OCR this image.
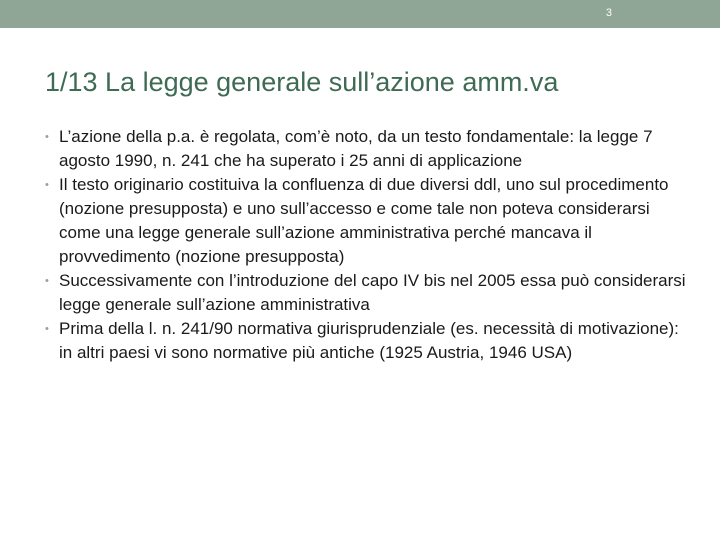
3
1/13 La legge generale sull’azione amm.va
• L’azione della p.a. è regolata, com’è noto, da un testo fondamentale: la legge 7 agosto 1990, n. 241 che ha superato i 25 anni di applicazione
• Il testo originario costituiva la confluenza di due diversi ddl, uno sul procedimento (nozione presupposta) e uno sull’accesso e come tale non poteva considerarsi come una legge generale sull’azione amministrativa perché mancava il provvedimento (nozione presupposta)
• Successivamente con l’introduzione del capo IV bis nel 2005 essa può considerarsi legge generale sull’azione amministrativa
• Prima della l. n. 241/90 normativa giurisprudenziale (es. necessità di motivazione): in altri paesi vi sono normative più antiche (1925 Austria, 1946 USA)
